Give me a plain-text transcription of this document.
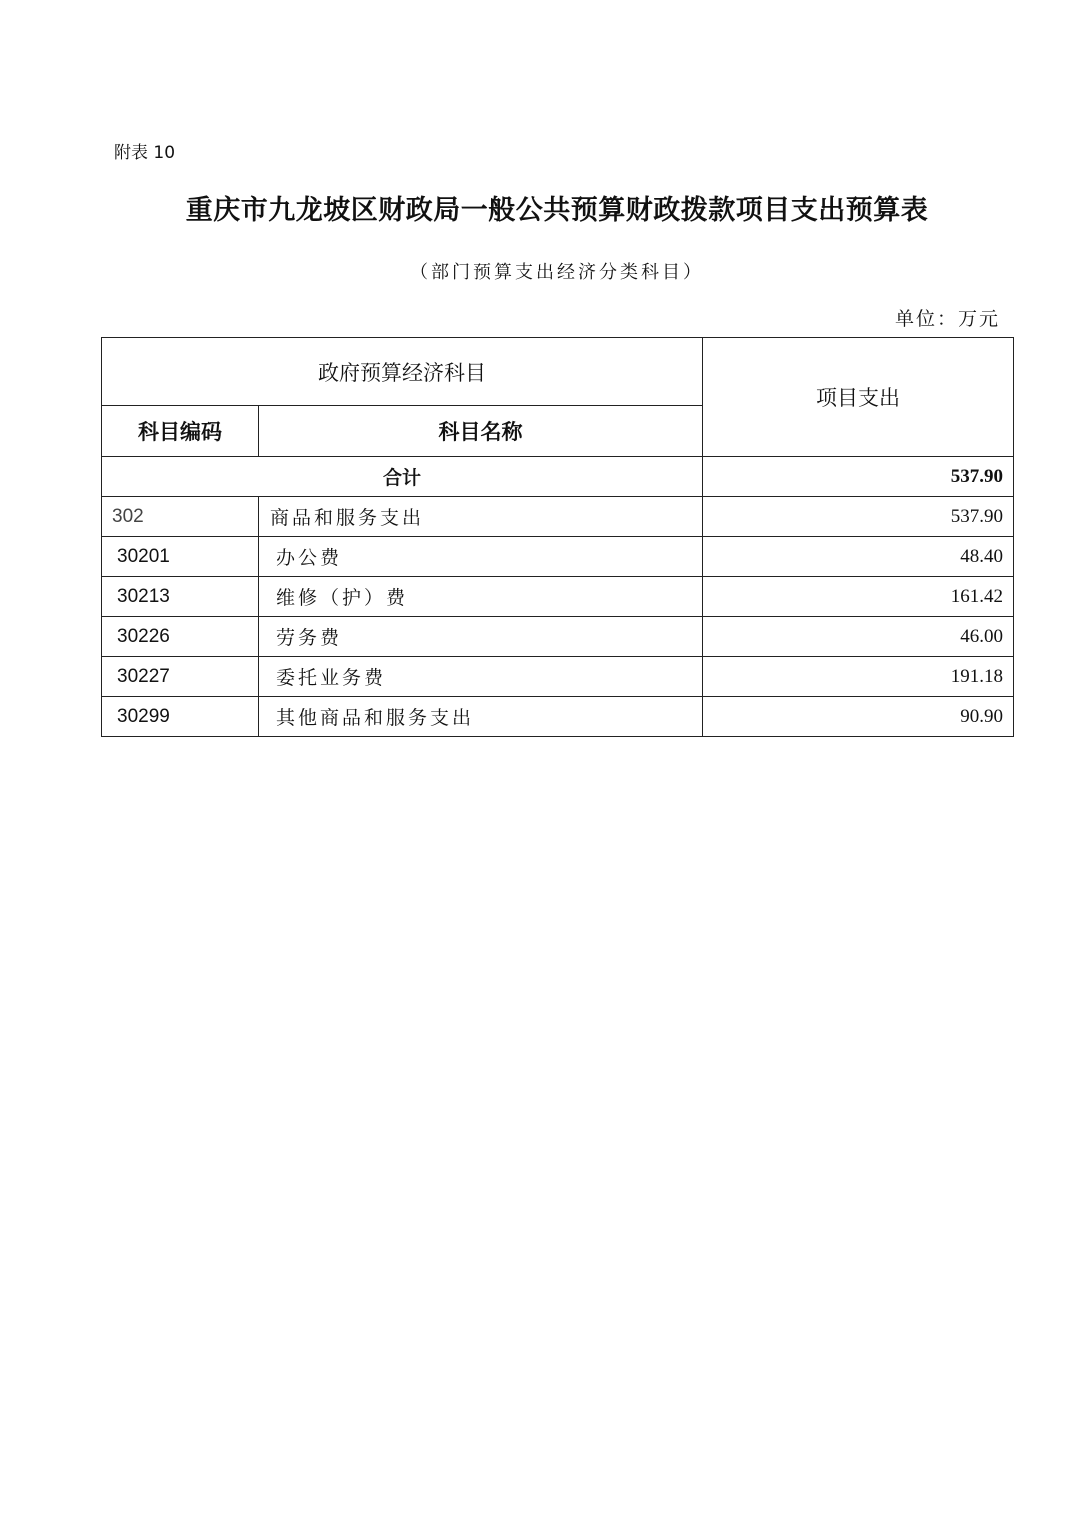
附表 10
重庆市九龙坡区财政局一般公共预算财政拨款项目支出预算表
（部门预算支出经济分类科目）
单位：万元
政府预算经济科目		项目支出
科目编码	科目名称	
合计		537.90
302	商品和服务支出	537.90
30201	办公费	48.40
30213	维修（护）费	161.42
30226	劳务费	46.00
30227	委托业务费	191.18
30299	其他商品和服务支出	90.90
